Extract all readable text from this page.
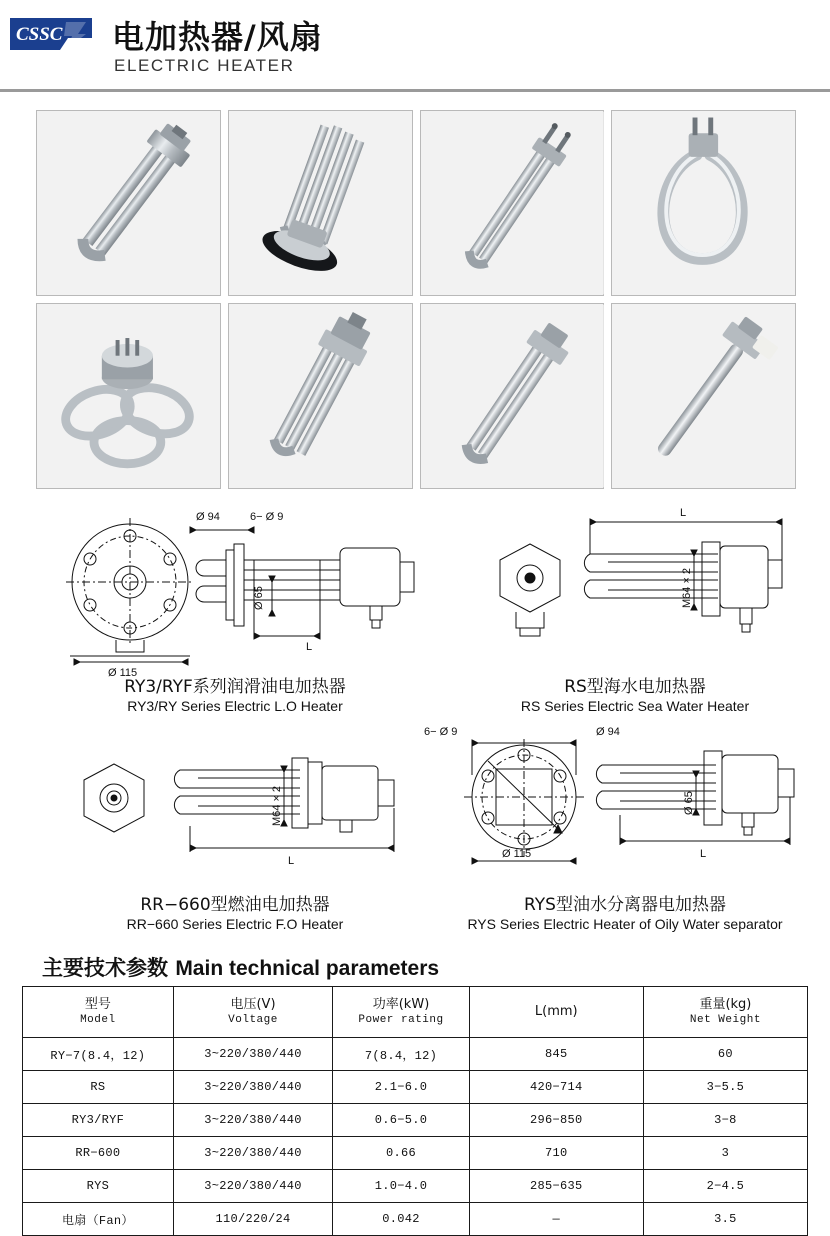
CSSC 电加热器/风扇
ELECTRIC HEATER
Ø 94	6− Ø 9
Ø 65
L
Ø 115
RY3/RYF系列润滑油电加热器
RY3/RY Series Electric L.O Heater
L
M64 × 2
RS型海水电加热器
RS Series Electric Sea Water Heater
M64 × 2
L
RR−660型燃油电加热器
RR−660 Series Electric F.O Heater
6− Ø 9	Ø 94
Ø 65
Ø 115	L
RYS型油水分离器电加热器
RYS Series Electric Heater of Oily Water separator
主要技术参数 Main technical parameters
型号
Model

电压(V)
Voltage

功率(kW)
Power rating

L(mm)	重量(kg)
Net Weight

RY−7(8.4，12)	3~220/380/440	7(8.4，12)	845	60
RS	3~220/380/440	2.1−6.0	420−714	3−5.5
RY3/RYF	3~220/380/440	0.6−5.0	296−850	3−8
RR−600	3~220/380/440	0.66	710	3
RYS	3~220/380/440	1.0−4.0	285−635	2−4.5
电扇（Fan）	110/220/24	0.042	—	3.5
